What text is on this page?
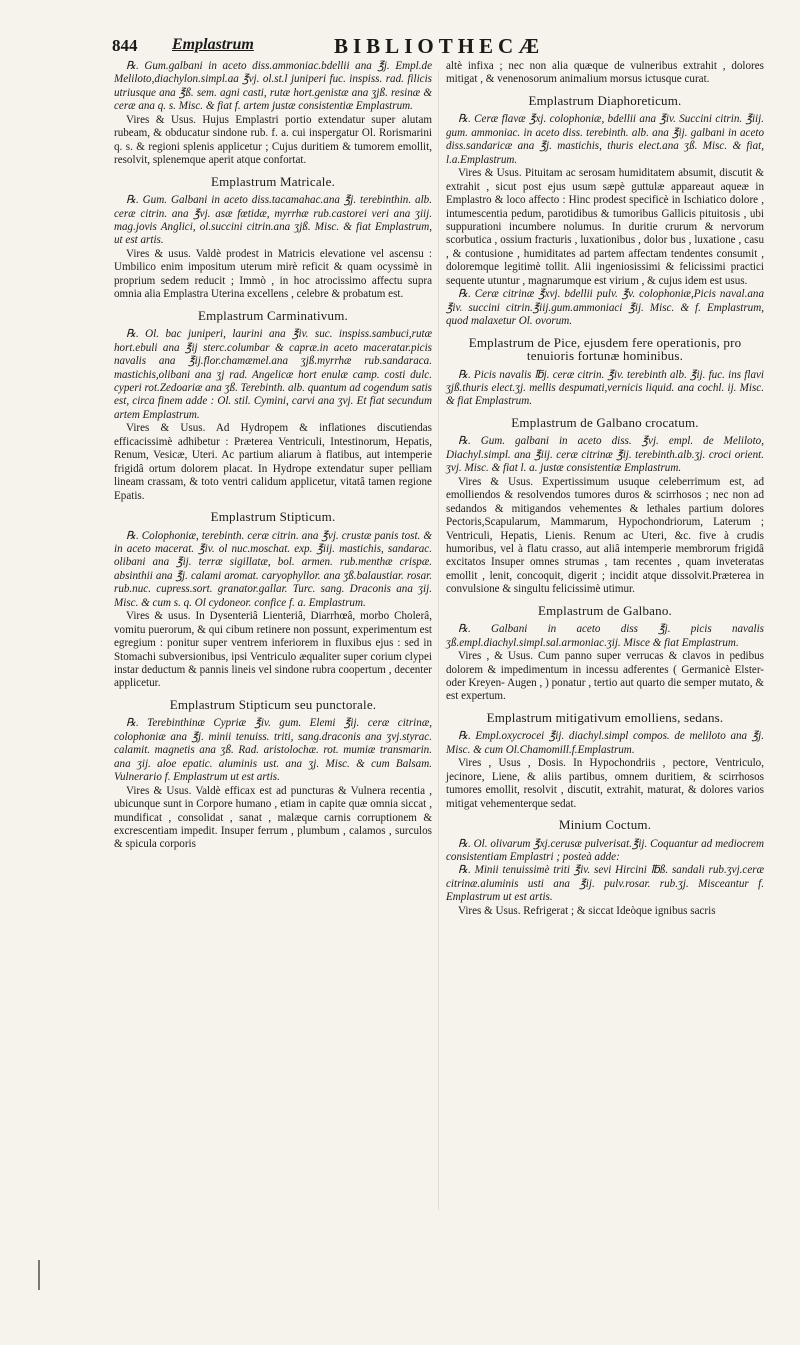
844 Emplastrum	BIBLIOTHECÆ

℞. Gum.galbani in aceto diss.ammoniac.bdellii ana ℥j. Empl.de Meliloto,diachylon.simpl.aa ℥vj. ol.st.l juniperi fuc. inspiss. rad. filicis utriusque ana ℥ß. sem. agni casti, rutæ hort.genistæ ana ʒjß. resinæ & ceræ ana q. s. Misc. & fiat f. artem justæ consistentiæ Emplastrum.

Vires & Usus. Hujus Emplastri portio extendatur super alutam rubeam, & obducatur sindone rub. f. a. cui inspergatur Ol. Rorismarini q. s. & regioni splenis applicetur ; Cujus duritiem & tumorem emollit, resolvit, splenemque aperit atque confortat.

Emplastrum Matricale.

℞. Gum. Galbani in aceto diss.tacamahac.ana ℥j. terebinthin. alb. ceræ citrin. ana ℥vj. asæ fœtidæ, myrrhæ rub.castorei veri ana ʒiij. mag.jovis Anglici, ol.succini citrin.ana ʒjß. Misc. & fiat Emplastrum, ut est artis.

Vires & usus. Valdè prodest in Matricis elevatione vel ascensu : Umbilico enim impositum uterum mirè reficit & quam ocyssimè in proprium sedem reducit ; Immò , in hoc atrocissimo affectu supra omnia alia Emplastra Uterina excellens , celebre & probatum est.

Emplastrum Carminativum.

℞. Ol. bac juniperi, laurini ana ℥iv. suc. inspiss.sambuci,rutæ hort.ebuli ana ℥ij sterc.columbar & capræ.in aceto maceratar.picis navalis ana ℥ij.flor.chamæmel.ana ʒjß.myrrhæ rub.sandaraca. mastichis,olibani ana ʒj rad. Angelicæ hort enulæ camp. costi dulc. cyperi rot.Zedoariæ ana ʒß. Terebinth. alb. quantum ad cogendum satis est, circa finem adde : Ol. stil. Cymini, carvi ana ʒvj. Et fiat secundum artem Emplastrum.

Vires & Usus. Ad Hydropem & inflationes discutiendas efficacissimè adhibetur : Præterea Ventriculi, Intestinorum, Hepatis, Renum, Vesicæ, Uteri. Ac partium aliarum à flatibus, aut intemperie frigidâ ortum dolorem placat. In Hydrope extendatur super pelliam lineam crassam, & toto ventri calidum applicetur, vitatâ tamen regione Epatis.

Emplastrum Stipticum.

℞. Colophoniæ, terebinth. ceræ citrin. ana ℥vj. crustæ panis tost. & in aceto macerat. ℥iv. ol nuc.moschat. exp. ℥iij. mastichis, sandarac. olibani ana ℥ij. terræ sigillatæ, bol. armen. rub.menthæ crispæ. absinthii ana ℥j. calami aromat. caryophyllor. ana ʒß.balaustiar. rosar. rub.nuc. cupress.sort. granator.gallar. Turc. sang. Draconis ana ʒij. Misc. & cum s. q. Ol cydoneor. confice f. a. Emplastrum.

Vires & usus. In Dysenteriâ Lienteriâ, Diarrhœâ, morbo Cholerâ, vomitu puerorum, & qui cibum retinere non possunt, experimentum est egregium : ponitur super ventrem inferiorem in fluxibus ejus : sed in Stomachi subversionibus, ipsi Ventriculo æqualiter super corium clypei instar deductum & pannis lineis vel sindone rubra coopertum , decenter applicetur.

Emplastrum Stipticum seu punctorale.

℞. Terebinthinæ Cypriæ ℥iv. gum. Elemi ℥ij. ceræ citrinæ, colophoniæ ana ℥j. minii tenuiss. triti, sang.draconis ana ʒvj.styrac. calamit. magnetis ana ʒß. Rad. aristolochæ. rot. mumiæ transmarin. ana ʒij. aloe epatic. aluminis ust. ana ʒj. Misc. & cum Balsam. Vulnerario f. Emplastrum ut est artis.

Vires & Usus. Valdè efficax est ad puncturas & Vulnera recentia , ubicunque sunt in Corpore humano , etiam in capite quæ omnia siccat , mundificat , consolidat , sanat , malæque carnis corruptionem & excrescentiam impedit. Insuper ferrum , plumbum , calamos , surculos & spicula corporis

altè infixa ; nec non alia quæque de vulneribus extrahit , dolores mitigat , & venenosorum animalium morsus ictusque curat.

Emplastrum Diaphoreticum.

℞. Ceræ flavæ ℥xj. colophoniæ, bdellii ana ℥iv. Succini citrin. ℥iij. gum. ammoniac. in aceto diss. terebinth. alb. ana ℥ij. galbani in aceto diss.sandaricæ ana ℥j. mastichis, thuris elect.ana ʒß. Misc. & fiat, l.a.Emplastrum.

Vires & Usus. Pituitam ac serosam humiditatem absumit, discutit & extrahit , sicut post ejus usum sæpè guttulæ appareaut aqueæ in Emplastro & loco affecto : Hinc prodest specificè in Ischiatico dolore , intumescentia pedum, parotidibus & tumoribus Gallicis pituitosis , ubi suppurationi incumbere nolumus. In duritie crurum & nervorum scorbutica , ossium fracturis , luxationibus , dolor bus , luxatione , casu , & contusione , humiditates ad partem affectam tendentes consumit , doloremque legitimè tollit. Alii ingeniosissimi & felicissimi practici sequente utuntur , magnarumque est virium , & cujus idem est usus.

℞. Ceræ citrinæ ℥xvj. bdellii pulv. ℥v. colophoniæ,Picis naval.ana ℥iv. succini citrin.℥iij.gum.ammoniaci ℥ij. Misc. & f. Emplastrum, quod malaxetur Ol. ovorum.

Emplastrum de Pice, ejusdem fere operationis, pro tenuioris fortunæ hominibus.

℞. Picis navalis ℔j. ceræ citrin. ℥iv. terebinth alb. ℥ij. fuc. ins flavi ʒjß.thuris elect.ʒj. mellis despumati,vernicis liquid. ana cochl. ij. Misc. & fiat Emplastrum.

Emplastrum de Galbano crocatum.

℞. Gum. galbani in aceto diss. ℥vj. empl. de Meliloto, Diachyl.simpl. ana ℥iij. ceræ citrinæ ℥ij. terebinth.alb.ʒj. croci orient. ʒvj. Misc. & fiat l. a. justæ consistentiæ Emplastrum.

Vires & Usus. Expertissimum usuque celeberrimum est, ad emolliendos & resolvendos tumores duros & scirrhosos ; nec non ad sedandos & mitigandos vehementes & lethales partium dolores Pectoris,Scapularum, Mammarum, Hypochondriorum, Laterum ; Ventriculi, Hepatis, Lienis. Renum ac Uteri, &c. five à crudis humoribus, vel à flatu crasso, aut aliâ intemperie membrorum frigidâ excitatos Insuper omnes strumas , tam recentes , quam inveteratas emollit , lenit, concoquit, digerit ; incidit atque dissolvit.Præterea in convulsione & singultu felicissimè utimur.

Emplastrum de Galbano.

℞. Galbani in aceto diss ℥j. picis navalis ʒß.empl.diachyl.simpl.sal.armoniac.ʒij. Misce & fiat Emplastrum.

Vires , & Usus. Cum panno super verrucas & clavos in pedibus dolorem & impedimentum in incessu adferentes ( Germanicè Elster-oder Kreyen- Augen , ) ponatur , tertio aut quarto die semper mutato, & est expertum.

Emplastrum mitigativum emolliens, sedans.

℞. Empl.oxycrocei ℥ij. diachyl.simpl compos. de meliloto ana ℥j. Misc. & cum Ol.Chamomill.f.Emplastrum.

Vires , Usus , Dosis. In Hypochondriis , pectore, Ventriculo, jecinore, Liene, & aliis partibus, omnem duritiem, & scirrhosos tumores emollit, resolvit , discutit, extrahit, maturat, & dolores varios mitigat vehementerque sedat.

Minium Coctum.

℞. Ol. olivarum ℥xj.cerusæ pulverisat.℥ij. Coquantur ad mediocrem consistentiam Emplastri ; posteà adde:

℞. Minii tenuissimè triti ℥iv. sevi Hircini ℔ß. sandali rub.ʒvj.ceræ citrinæ.aluminis usti ana ℥ij. pulv.rosar. rub.ʒj. Misceantur f. Emplastrum ut est artis.

Vires & Usus. Refrigerat ; & siccat Ideòque ignibus sacris
